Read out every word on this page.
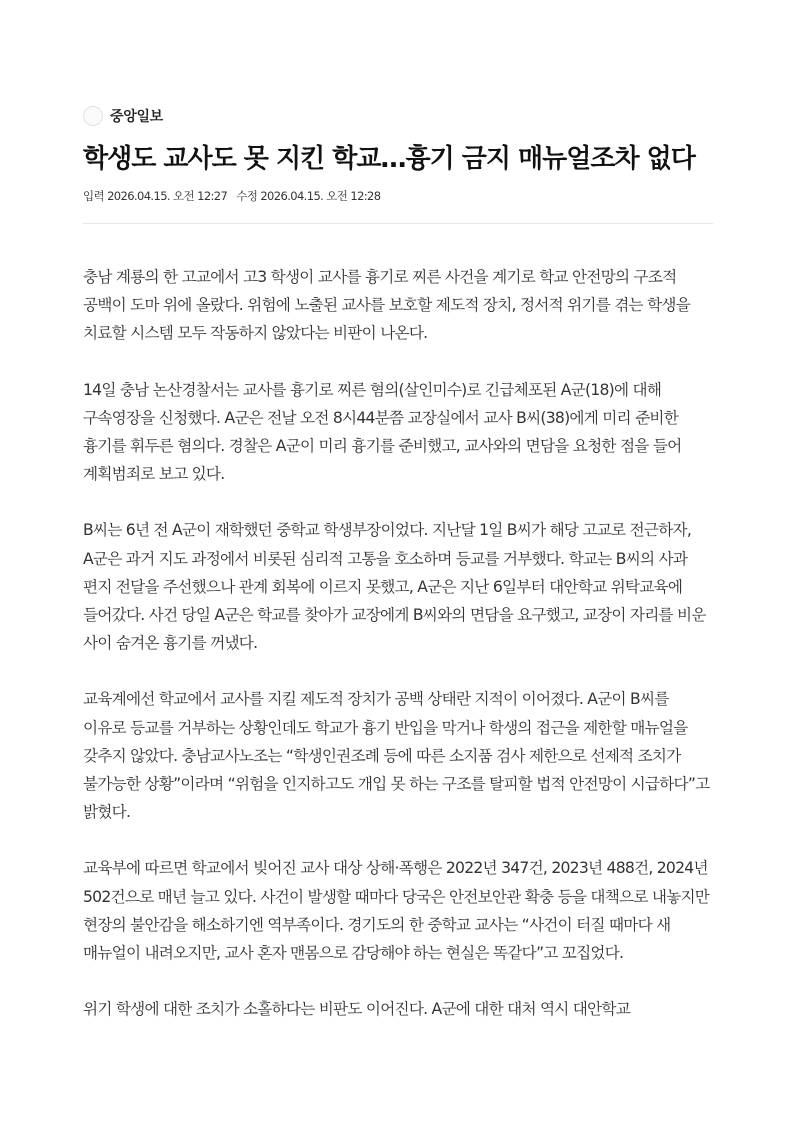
중앙일보
학생도 교사도 못 지킨 학교…흉기 금지 매뉴얼조차 없다
입력 2026.04.15. 오전 12:27 수정 2026.04.15. 오전 12:28

충남 계룡의 한 고교에서 고3 학생이 교사를 흉기로 찌른 사건을 계기로 학교 안전망의 구조적 공백이 도마 위에 올랐다. 위험에 노출된 교사를 보호할 제도적 장치, 정서적 위기를 겪는 학생을 치료할 시스템 모두 작동하지 않았다는 비판이 나온다.

14일 충남 논산경찰서는 교사를 흉기로 찌른 혐의(살인미수)로 긴급체포된 A군(18)에 대해 구속영장을 신청했다. A군은 전날 오전 8시44분쯤 교장실에서 교사 B씨(38)에게 미리 준비한 흉기를 휘두른 혐의다. 경찰은 A군이 미리 흉기를 준비했고, 교사와의 면담을 요청한 점을 들어 계획범죄로 보고 있다.

B씨는 6년 전 A군이 재학했던 중학교 학생부장이었다. 지난달 1일 B씨가 해당 고교로 전근하자, A군은 과거 지도 과정에서 비롯된 심리적 고통을 호소하며 등교를 거부했다. 학교는 B씨의 사과 편지 전달을 주선했으나 관계 회복에 이르지 못했고, A군은 지난 6일부터 대안학교 위탁교육에 들어갔다. 사건 당일 A군은 학교를 찾아가 교장에게 B씨와의 면담을 요구했고, 교장이 자리를 비운 사이 숨겨온 흉기를 꺼냈다.

교육계에선 학교에서 교사를 지킬 제도적 장치가 공백 상태란 지적이 이어졌다. A군이 B씨를 이유로 등교를 거부하는 상황인데도 학교가 흉기 반입을 막거나 학생의 접근을 제한할 매뉴얼을 갖추지 않았다. 충남교사노조는 “학생인권조례 등에 따른 소지품 검사 제한으로 선제적 조치가 불가능한 상황”이라며 “위험을 인지하고도 개입 못 하는 구조를 탈피할 법적 안전망이 시급하다”고 밝혔다.

교육부에 따르면 학교에서 빚어진 교사 대상 상해·폭행은 2022년 347건, 2023년 488건, 2024년 502건으로 매년 늘고 있다. 사건이 발생할 때마다 당국은 안전보안관 확충 등을 대책으로 내놓지만 현장의 불안감을 해소하기엔 역부족이다. 경기도의 한 중학교 교사는 “사건이 터질 때마다 새 매뉴얼이 내려오지만, 교사 혼자 맨몸으로 감당해야 하는 현실은 똑같다”고 꼬집었다.

위기 학생에 대한 조치가 소홀하다는 비판도 이어진다. A군에 대한 대처 역시 대안학교
